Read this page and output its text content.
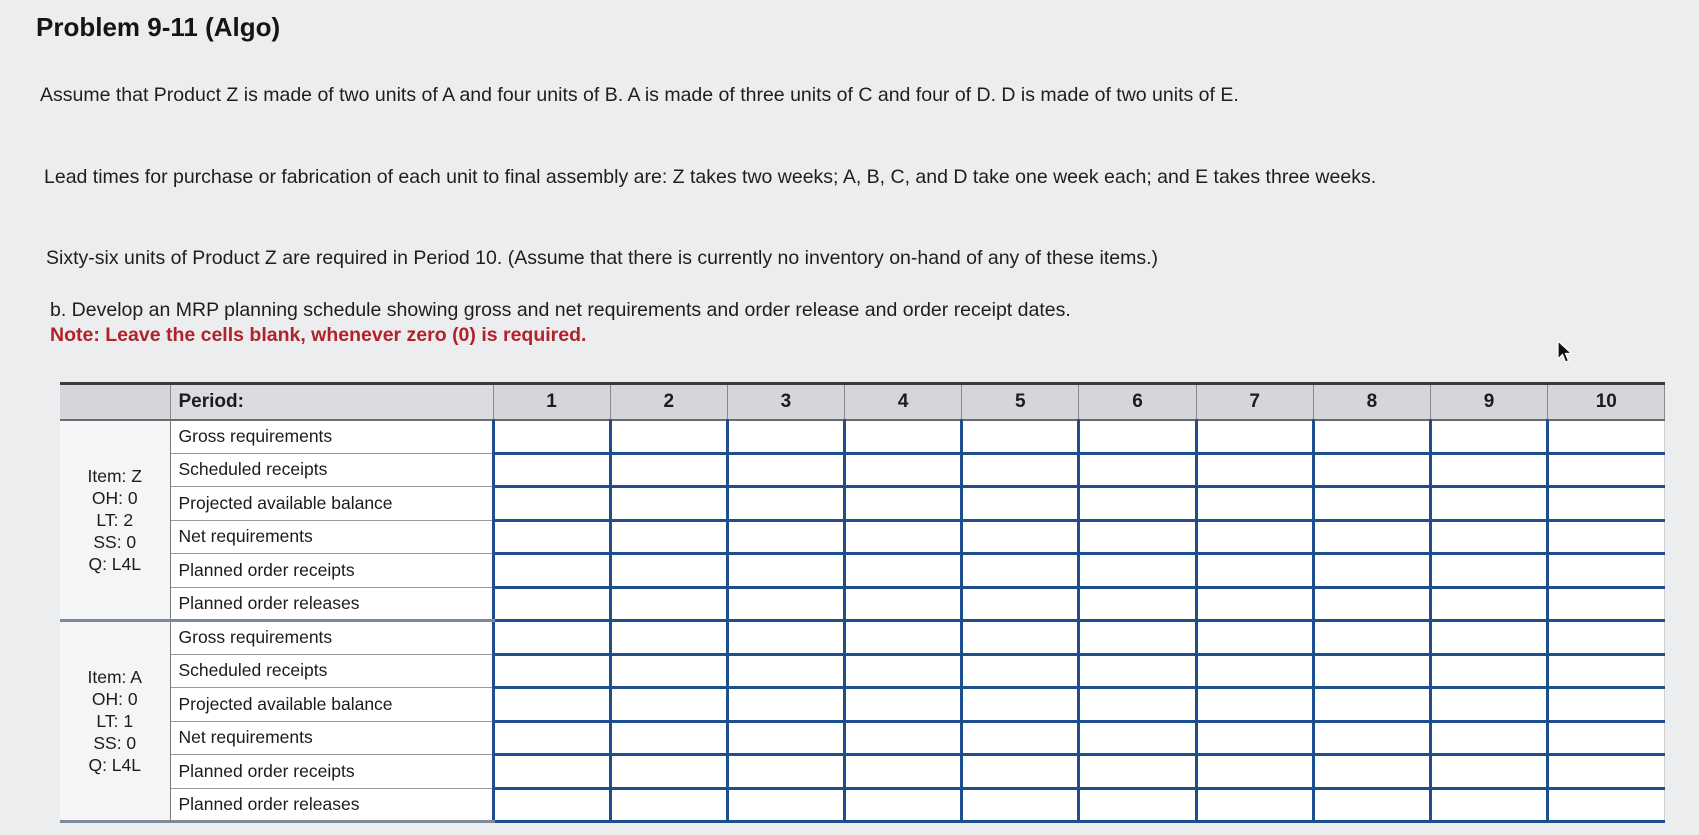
Problem 9-11 (Algo)
Assume that Product Z is made of two units of A and four units of B. A is made of three units of C and four of D. D is made of two units of E.
Lead times for purchase or fabrication of each unit to final assembly are: Z takes two weeks; A, B, C, and D take one week each; and E takes three weeks.
Sixty-six units of Product Z are required in Period 10. (Assume that there is currently no inventory on-hand of any of these items.)
b. Develop an MRP planning schedule showing gross and net requirements and order release and order receipt dates.
Note: Leave the cells blank, whenever zero (0) is required.
	Period:	1	2	3	4	5	6	7	8	9	10

Item: Z
OH: 0
LT: 2
SS: 0
Q: L4L	Gross requirements										
	Scheduled receipts										
	Projected available balance										
	Net requirements										
	Planned order receipts										
	Planned order releases										

Item: A
OH: 0
LT: 1
SS: 0
Q: L4L	Gross requirements										
	Scheduled receipts										
	Projected available balance										
	Net requirements										
	Planned order receipts										
	Planned order releases										
